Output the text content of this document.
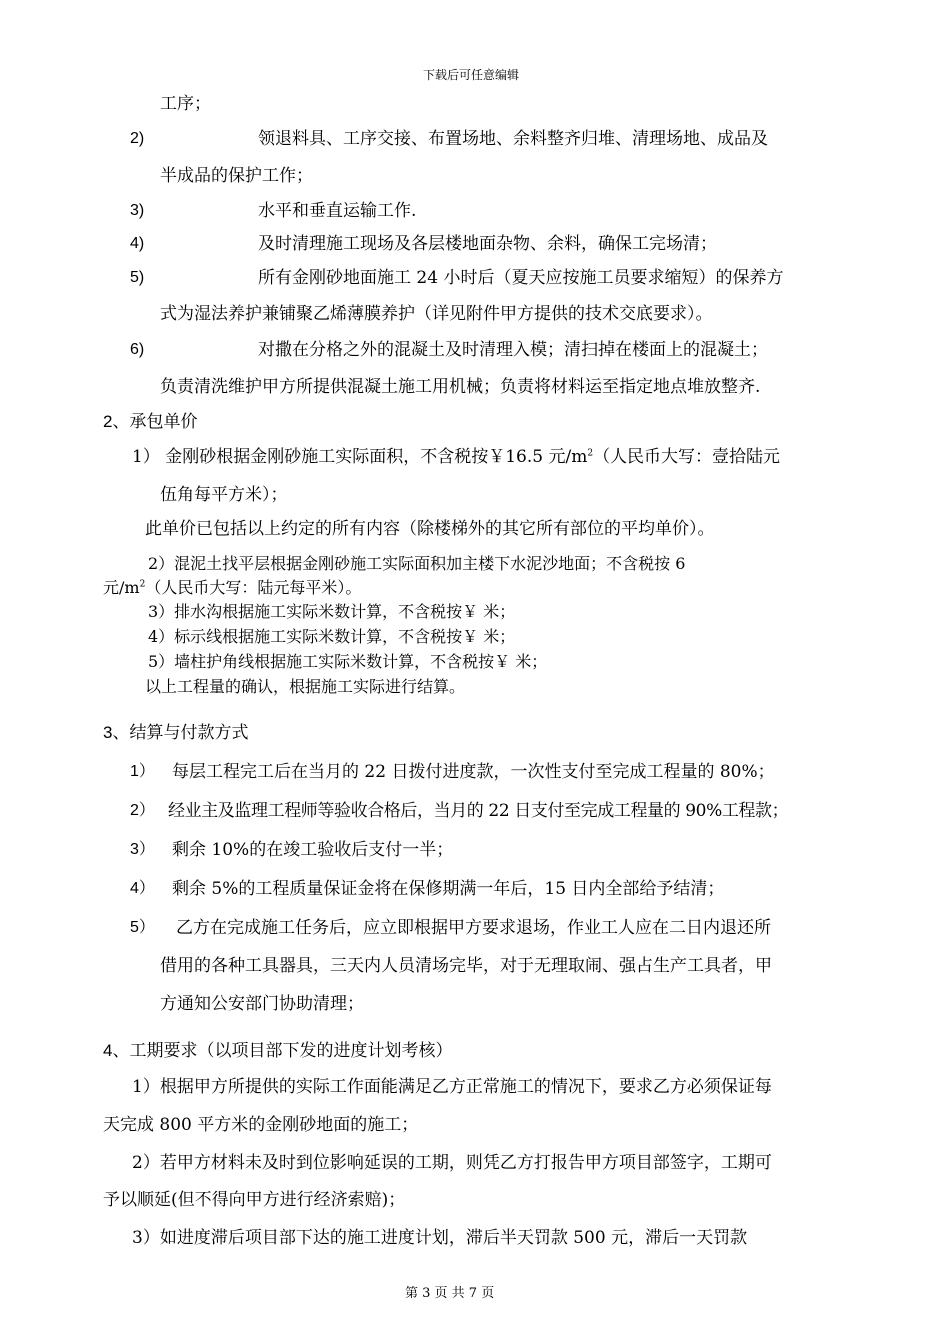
下载后可任意编辑
工序；
2)	领退料具、工序交接、布置场地、余料整齐归堆、清理场地、成品及
半成品的保护工作；
3)	水平和垂直运输工作.
4)	及时清理施工现场及各层楼地面杂物、余料，确保工完场清；
5)	所有金刚砂地面施工 24 小时后（夏天应按施工员要求缩短）的保养方
式为湿法养护兼铺聚乙烯薄膜养护（详见附件甲方提供的技术交底要求）。
6)	对撒在分格之外的混凝土及时清理入模；清扫掉在楼面上的混凝土；
负责清洗维护甲方所提供混凝土施工用机械；负责将材料运至指定地点堆放整齐.
2、承包单价
1） 金刚砂根据金刚砂施工实际面积，不含税按￥16.5 元$/m^2$（人民币大写：壹拾陆元
伍角每平方米）；
此单价已包括以上约定的所有内容（除楼梯外的其它所有部位的平均单价）。
2）混泥土找平层根据金刚砂施工实际面积加主楼下水泥沙地面；不含税按 6
元$/m^2$（人民币大写：陆元每平米）。
3）排水沟根据施工实际米数计算，不含税按￥ 米；
4）标示线根据施工实际米数计算，不含税按￥ 米；
5）墙柱护角线根据施工实际米数计算，不含税按￥ 米；
以上工程量的确认，根据施工实际进行结算。
3、结算与付款方式
1） 每层工程完工后在当月的 22 日拨付进度款，一次性支付至完成工程量的 80%；
2） 经业主及监理工程师等验收合格后，当月的 22 日支付至完成工程量的 90%工程款；
3） 剩余 10%的在竣工验收后支付一半；
4） 剩余 5%的工程质量保证金将在保修期满一年后，15 日内全部给予结清；
5） 乙方在完成施工任务后，应立即根据甲方要求退场，作业工人应在二日内退还所
借用的各种工具器具，三天内人员清场完毕，对于无理取闹、强占生产工具者，甲
方通知公安部门协助清理；
4、工期要求（以项目部下发的进度计划考核）
1）根据甲方所提供的实际工作面能满足乙方正常施工的情况下，要求乙方必须保证每
天完成 800 平方米的金刚砂地面的施工；
2）若甲方材料未及时到位影响延误的工期，则凭乙方打报告甲方项目部签字，工期可
予以顺延(但不得向甲方进行经济索赔)；
3）如进度滞后项目部下达的施工进度计划，滞后半天罚款 500 元，滞后一天罚款
第 3 页 共 7 页
